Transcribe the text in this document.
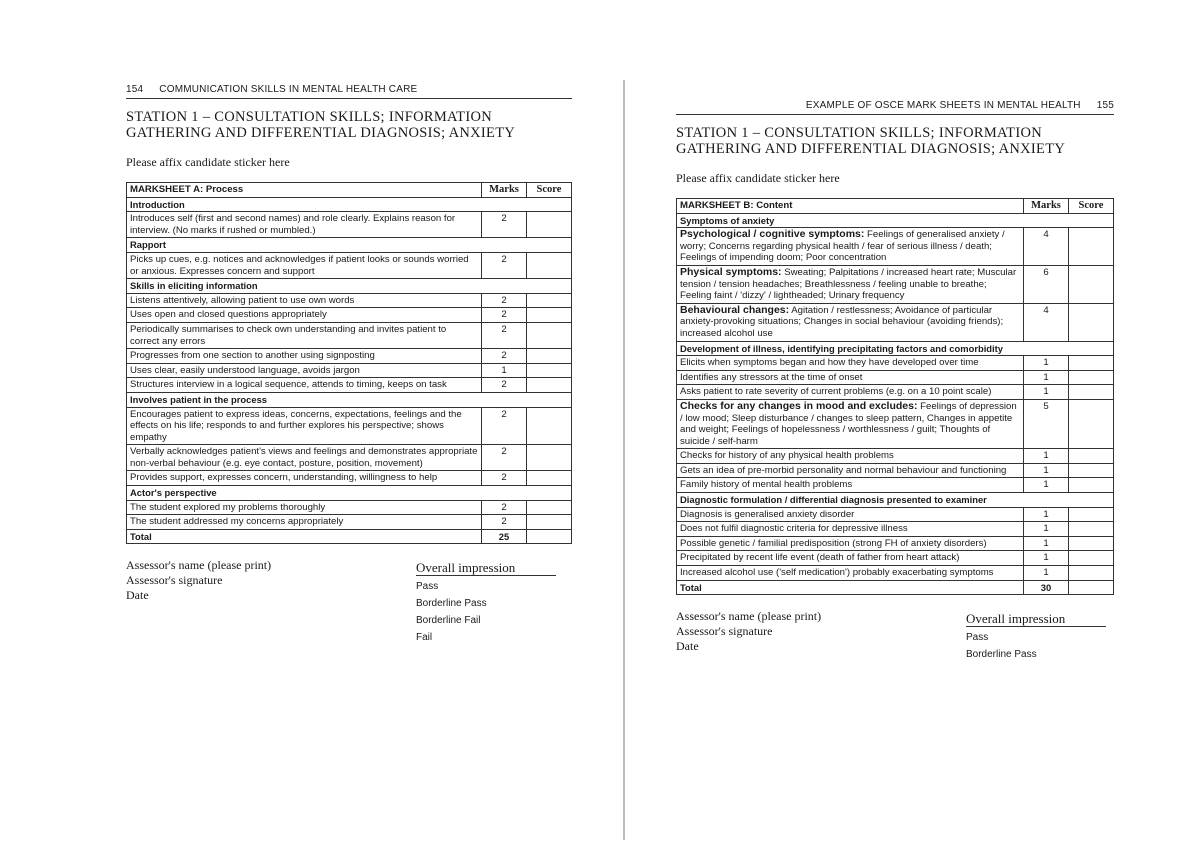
154 COMMUNICATION SKILLS IN MENTAL HEALTH CARE
STATION 1 – CONSULTATION SKILLS; INFORMATION GATHERING AND DIFFERENTIAL DIAGNOSIS; ANXIETY
Please affix candidate sticker here
MARKSHEET A: Process	Marks	Score
Introduction		
Introduces self (first and second names) and role clearly. Explains reason for interview. (No marks if rushed or mumbled.)	2	
Rapport		
Picks up cues, e.g. notices and acknowledges if patient looks or sounds worried or anxious. Expresses concern and support	2	
Skills in eliciting information		
Listens attentively, allowing patient to use own words	2	
Uses open and closed questions appropriately	2	
Periodically summarises to check own understanding and invites patient to correct any errors	2	
Progresses from one section to another using signposting	2	
Uses clear, easily understood language, avoids jargon	1	
Structures interview in a logical sequence, attends to timing, keeps on task	2	
Involves patient in the process		
Encourages patient to express ideas, concerns, expectations, feelings and the effects on his life; responds to and further explores his perspective; shows empathy	2	
Verbally acknowledges patient's views and feelings and demonstrates appropriate non-verbal behaviour (e.g. eye contact, posture, position, movement)	2	
Provides support, expresses concern, understanding, willingness to help	2	
Actor's perspective		
The student explored my problems thoroughly	2	
The student addressed my concerns appropriately	2	
Total	25	
Assessor's name (please print)
Assessor's signature
Date
Overall impression
Pass
Borderline Pass
Borderline Fail
Fail
EXAMPLE OF OSCE MARK SHEETS IN MENTAL HEALTH 155
STATION 1 – CONSULTATION SKILLS; INFORMATION GATHERING AND DIFFERENTIAL DIAGNOSIS; ANXIETY
Please affix candidate sticker here
MARKSHEET B: Content	Marks	Score
Symptoms of anxiety		
Psychological / cognitive symptoms: Feelings of generalised anxiety / worry; Concerns regarding physical health / fear of serious illness / death; Feelings of impending doom; Poor concentration	4	
Physical symptoms: Sweating; Palpitations / increased heart rate; Muscular tension / tension headaches; Breathlessness / feeling unable to breathe; Feeling faint / 'dizzy' / lightheaded; Urinary frequency	6	
Behavioural changes: Agitation / restlessness; Avoidance of particular anxiety-provoking situations; Changes in social behaviour (avoiding friends); increased alcohol use	4	
Development of illness, identifying precipitating factors and comorbidity		
Elicits when symptoms began and how they have developed over time	1	
Identifies any stressors at the time of onset	1	
Asks patient to rate severity of current problems (e.g. on a 10 point scale)	1	
Checks for any changes in mood and excludes: Feelings of depression / low mood; Sleep disturbance / changes to sleep pattern, Changes in appetite and weight; Feelings of hopelessness / worthlessness / guilt; Thoughts of suicide / self-harm	5	
Checks for history of any physical health problems	1	
Gets an idea of pre-morbid personality and normal behaviour and functioning	1	
Family history of mental health problems	1	
Diagnostic formulation / differential diagnosis presented to examiner		
Diagnosis is generalised anxiety disorder	1	
Does not fulfil diagnostic criteria for depressive illness	1	
Possible genetic / familial predisposition (strong FH of anxiety disorders)	1	
Precipitated by recent life event (death of father from heart attack)	1	
Increased alcohol use ('self medication') probably exacerbating symptoms	1	
Total	30	
Assessor's name (please print)
Assessor's signature
Date
Overall impression
Pass
Borderline Pass
